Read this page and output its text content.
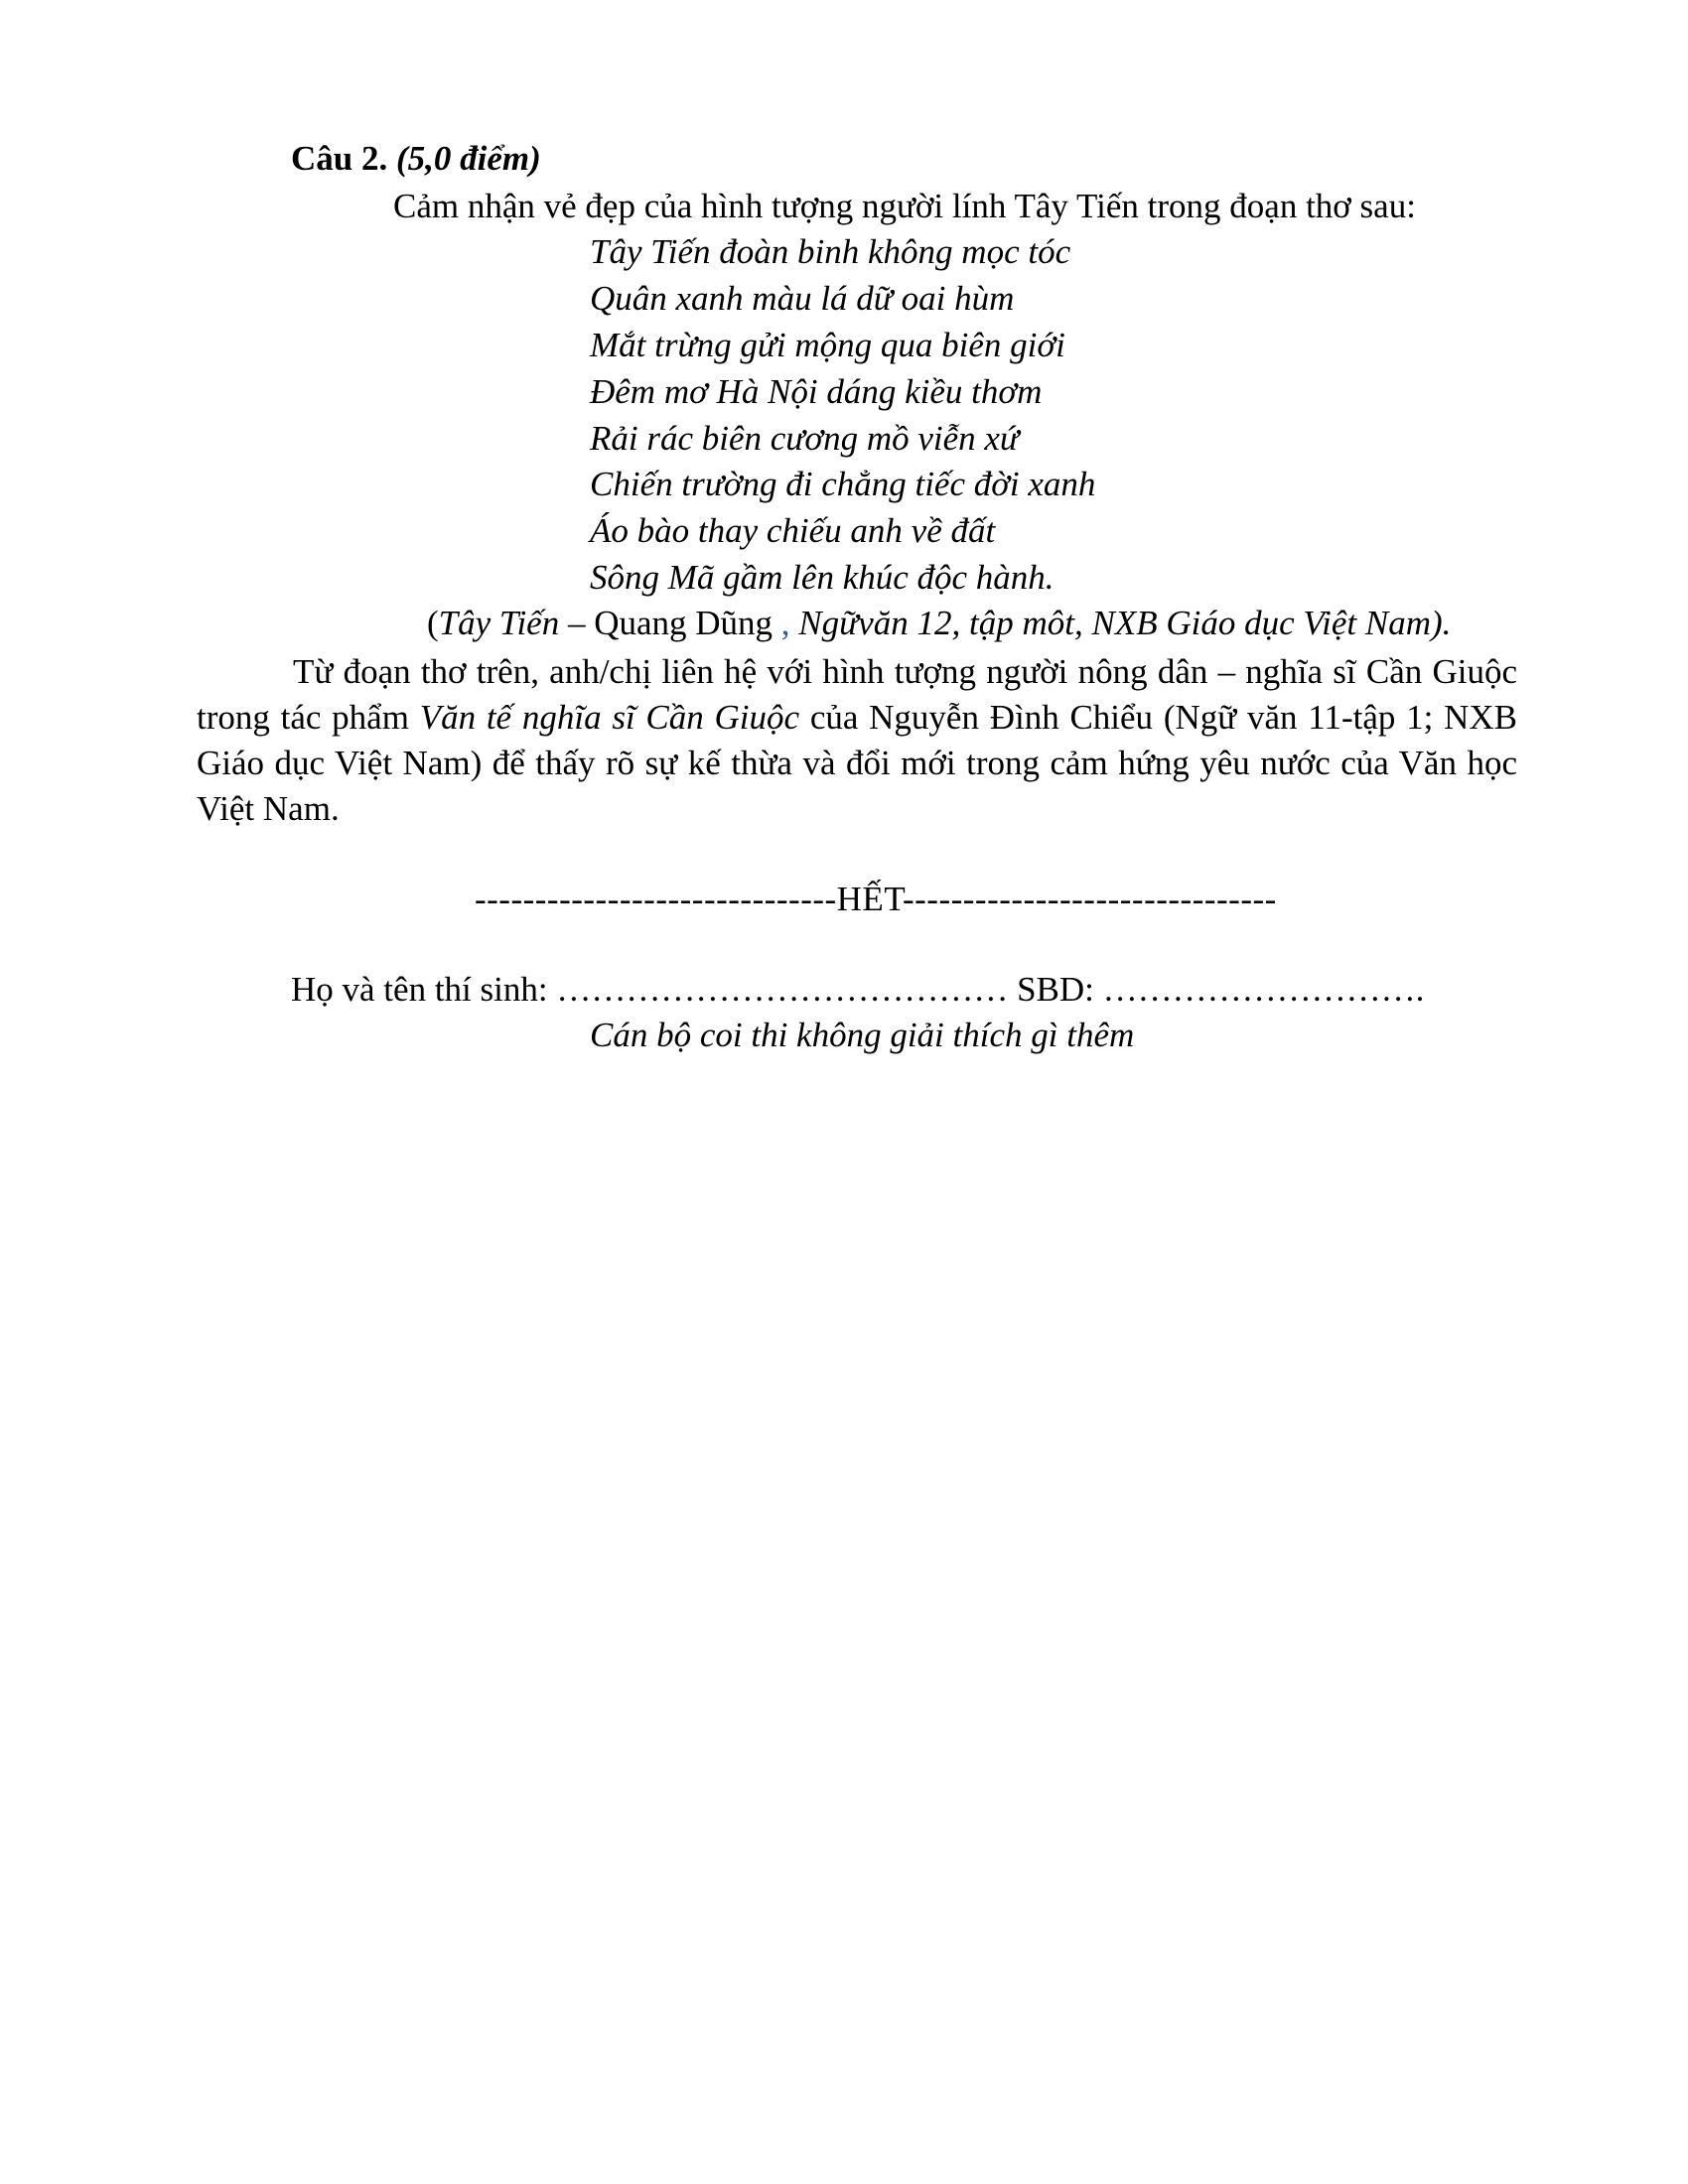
Câu 2. (5,0 điểm)
Cảm nhận vẻ đẹp của hình tượng người lính Tây Tiến trong đoạn thơ sau:
Tây Tiến đoàn binh không mọc tóc
Quân xanh màu lá dữ oai hùm
Mắt trừng gửi mộng qua biên giới
Đêm mơ Hà Nội dáng kiều thơm
Rải rác biên cương mồ viễn xứ
Chiến trường đi chẳng tiếc đời xanh
Áo bào thay chiếu anh về đất
Sông Mã gầm lên khúc độc hành.
(Tây Tiến – Quang Dũng , Ngữvăn 12, tập môt, NXB Giáo dục Việt Nam).
Từ đoạn thơ trên, anh/chị liên hệ với hình tượng người nông dân – nghĩa sĩ Cần Giuộc trong tác phẩm Văn tế nghĩa sĩ Cần Giuộc của Nguyễn Đình Chiểu (Ngữ văn 11-tập 1; NXB Giáo dục Việt Nam) để thấy rõ sự kế thừa và đổi mới trong cảm hứng yêu nước của Văn học Việt Nam.
------------------------------HẾT-------------------------------
Họ và tên thí sinh: ………………………………… SBD: ……………………….
Cán bộ coi thi không giải thích gì thêm
